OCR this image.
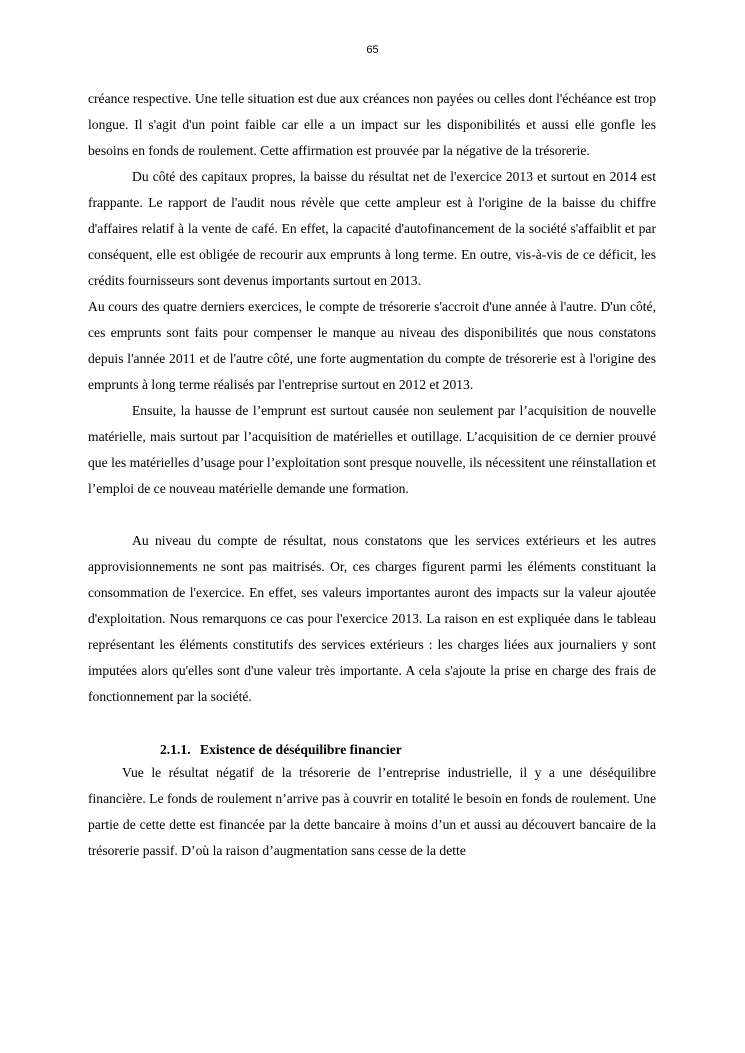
65

créance respective. Une telle situation est due aux créances non payées ou celles dont l'échéance est trop longue. Il s'agit d'un point faible car elle a un impact sur les disponibilités et aussi elle gonfle les besoins en fonds de roulement. Cette affirmation est prouvée par la négative de la trésorerie.

Du côté des capitaux propres, la baisse du résultat net de l'exercice 2013 et surtout en 2014 est frappante. Le rapport de l'audit nous révèle que cette ampleur est à l'origine de la baisse du chiffre d'affaires relatif à la vente de café. En effet, la capacité d'autofinancement de la société s'affaiblit et par conséquent, elle est obligée de recourir aux emprunts à long terme. En outre, vis-à-vis de ce déficit, les crédits fournisseurs sont devenus importants surtout en 2013.

Au cours des quatre derniers exercices, le compte de trésorerie s'accroit d'une année à l'autre. D'un côté, ces emprunts sont faits pour compenser le manque au niveau des disponibilités que nous constatons depuis l'année 2011 et de l'autre côté, une forte augmentation du compte de trésorerie est à l'origine des emprunts à long terme réalisés par l'entreprise surtout en 2012 et 2013.

Ensuite, la hausse de l’emprunt est surtout causée non seulement par l’acquisition de nouvelle matérielle, mais surtout par l’acquisition de matérielles et outillage. L’acquisition de ce dernier prouvé que les matérielles d’usage pour l’exploitation sont presque nouvelle, ils nécessitent une réinstallation et l’emploi de ce nouveau matérielle demande une formation.

Au niveau du compte de résultat, nous constatons que les services extérieurs et les autres approvisionnements ne sont pas maitrisés. Or, ces charges figurent parmi les éléments constituant la consommation de l'exercice. En effet, ses valeurs importantes auront des impacts sur la valeur ajoutée d'exploitation. Nous remarquons ce cas pour l'exercice 2013. La raison en est expliquée dans le tableau représentant les éléments constitutifs des services extérieurs : les charges liées aux journaliers y sont imputées alors qu'elles sont d'une valeur très importante. A cela s'ajoute la prise en charge des frais de fonctionnement par la société.

2.1.1. Existence de déséquilibre financier

Vue le résultat négatif de la trésorerie de l’entreprise industrielle, il y a une déséquilibre financière. Le fonds de roulement n’arrive pas à couvrir en totalité le besoin en fonds de roulement. Une partie de cette dette est financée par la dette bancaire à moins d’un et aussi au découvert bancaire de la trésorerie passif. D’où la raison d’augmentation sans cesse de la dette
